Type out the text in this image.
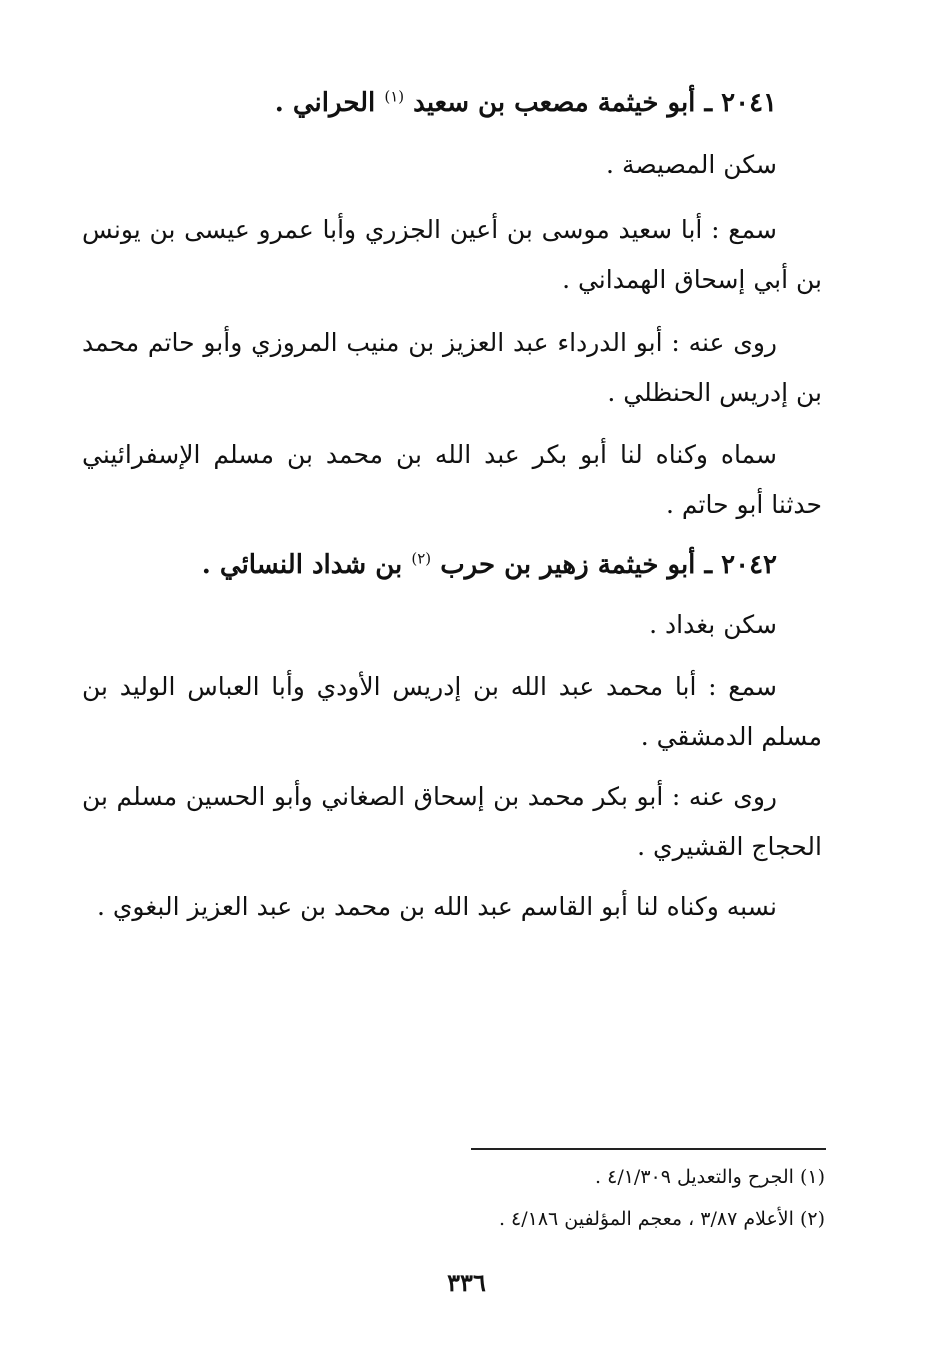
٢٠٤١ ـ أبو خيثمة مصعب بن سعيد $^{(١)}$ الحراني .

سكن المصيصة .

سمع : أبا سعيد موسى بن أعين الجزري وأبا عمرو عيسى بن يونس بن أبي إسحاق الهمداني .

روى عنه : أبو الدرداء عبد العزيز بن منيب المروزي وأبو حاتم محمد بن إدريس الحنظلي .

سماه وكناه لنا أبو بكر عبد الله بن محمد بن مسلم الإسفرائيني حدثنا أبو حاتم .

٢٠٤٢ ـ أبو خيثمة زهير بن حرب $^{(٢)}$ بن شداد النسائي .

سكن بغداد .

سمع : أبا محمد عبد الله بن إدريس الأودي وأبا العباس الوليد بن مسلم الدمشقي .

روى عنه : أبو بكر محمد بن إسحاق الصغاني وأبو الحسين مسلم بن الحجاج القشيري .

نسبه وكناه لنا أبو القاسم عبد الله بن محمد بن عبد العزيز البغوي .

(١) الجرح والتعديل ٤/١/٣٠٩ .

(٢) الأعلام ٣/٨٧ ، معجم المؤلفين ٤/١٨٦ .

٣٣٦
